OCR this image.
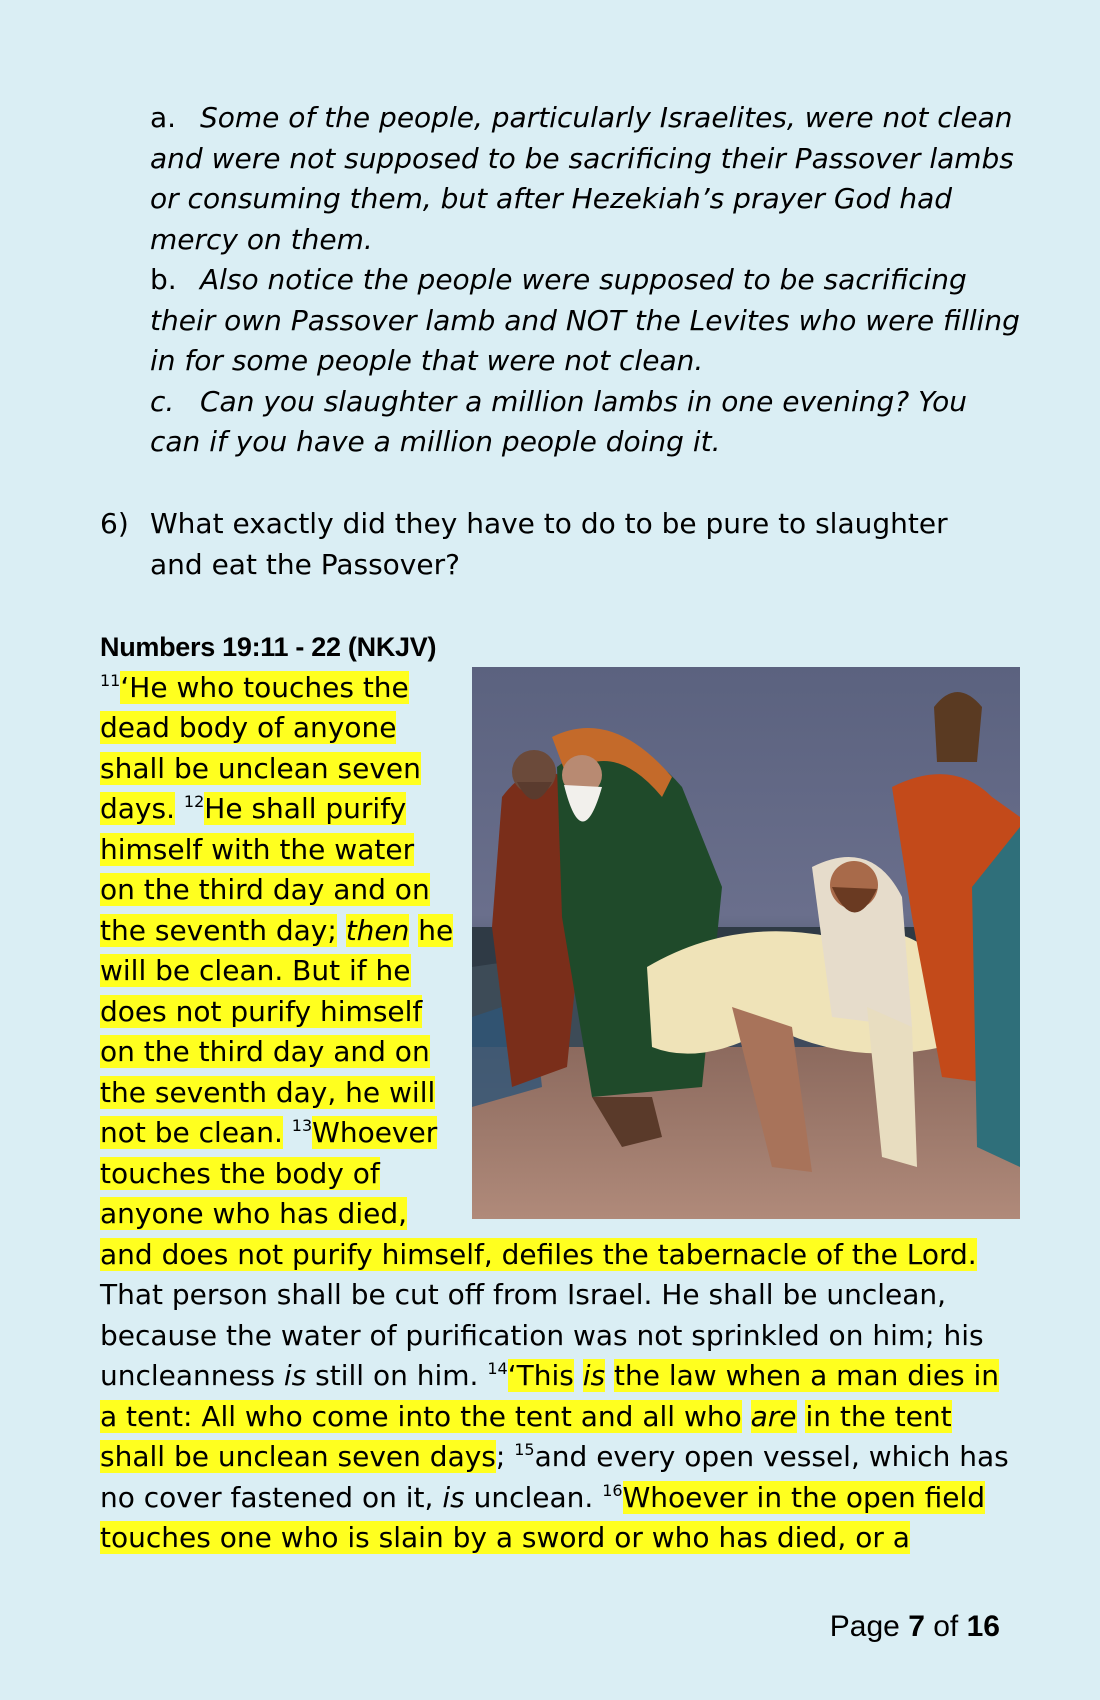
a. Some of the people, particularly Israelites, were not clean and were not supposed to be sacrificing their Passover lambs or consuming them, but after Hezekiah’s prayer God had mercy on them.
b. Also notice the people were supposed to be sacrificing their own Passover lamb and NOT the Levites who were filling in for some people that were not clean.
c. Can you slaughter a million lambs in one evening? You can if you have a million people doing it.
6) What exactly did they have to do to be pure to slaughter and eat the Passover?
Numbers 19:11 - 22 (NKJV) $^{11}$‘He who touches the dead body of anyone shall be unclean seven days. $^{12}$He shall purify himself with the water on the third day and on the seventh day; then he will be clean. But if he does not purify himself on the third day and on the seventh day, he will not be clean. $^{13}$Whoever touches the body of anyone who has died, and does not purify himself, defiles the tabernacle of the Lord. That person shall be cut off from Israel. He shall be unclean, because the water of purification was not sprinkled on him; his uncleanness is still on him. $^{14}$‘This is the law when a man dies in a tent: All who come into the tent and all who are in the tent shall be unclean seven days; $^{15}$and every open vessel, which has no cover fastened on it, is unclean. $^{16}$Whoever in the open field touches one who is slain by a sword or who has died, or a
Page 7 of 16
